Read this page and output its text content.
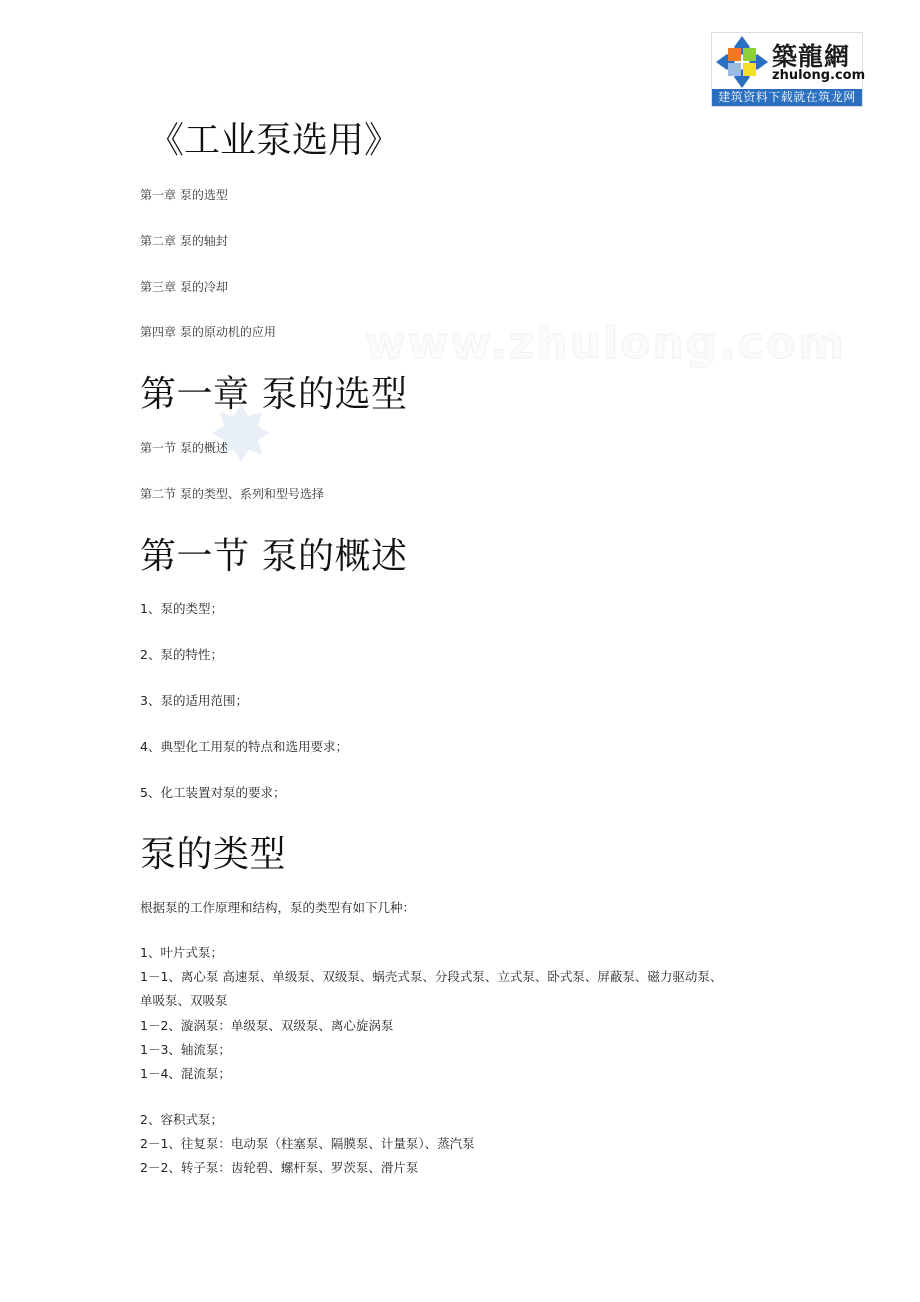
築龍網
zhulong.com
建筑资料下载就在筑龙网
www.zhulong.com
《工业泵选用》
第一章 泵的选型
第二章 泵的轴封
第三章 泵的冷却
第四章 泵的原动机的应用
第一章 泵的选型
第一节 泵的概述
第二节 泵的类型、系列和型号选择
第一节 泵的概述
1、泵的类型；
2、泵的特性；
3、泵的适用范围；
4、典型化工用泵的特点和选用要求；
5、化工装置对泵的要求；
泵的类型
根据泵的工作原理和结构，泵的类型有如下几种：
1、叶片式泵；
1－1、离心泵 高速泵、单级泵、双级泵、蜗壳式泵、分段式泵、立式泵、卧式泵、屏蔽泵、磁力驱动泵、
单吸泵、双吸泵
1－2、漩涡泵：单级泵、双级泵、离心旋涡泵
1－3、轴流泵；
1－4、混流泵；
2、容积式泵；
2－1、往复泵：电动泵（柱塞泵、隔膜泵、计量泵）、蒸汽泵
2－2、转子泵：齿轮碧、螺杆泵、罗茨泵、滑片泵
